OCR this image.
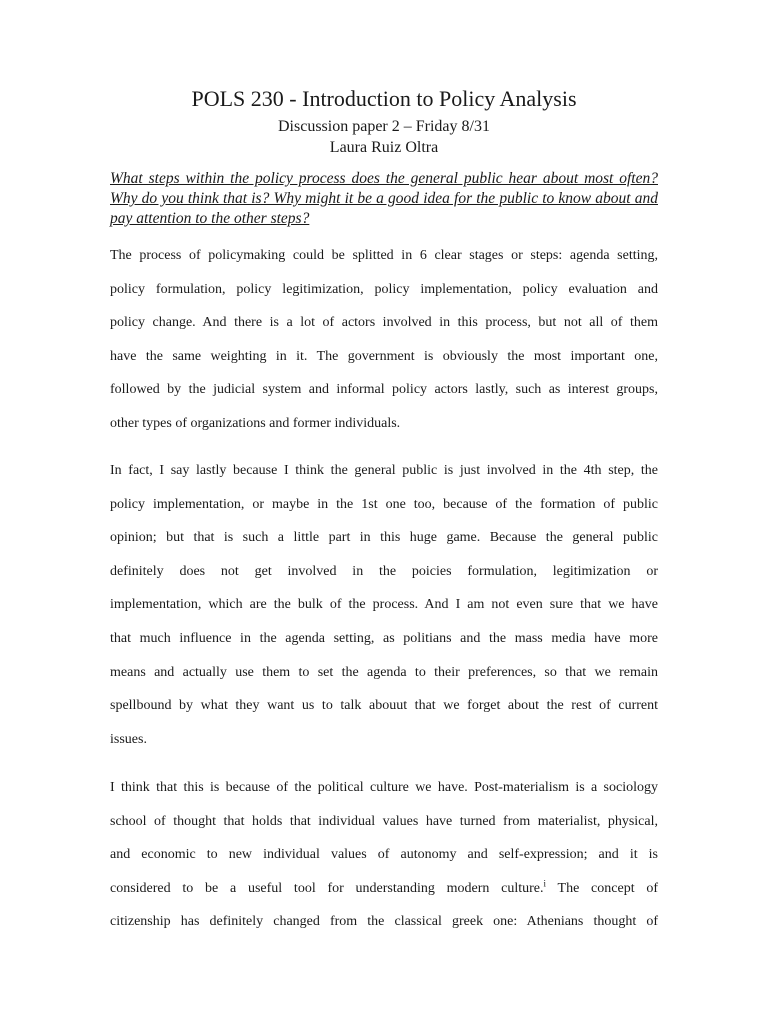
POLS 230 - Introduction to Policy Analysis

Discussion paper 2 – Friday 8/31

Laura Ruiz Oltra

What steps within the policy process does the general public hear about most often? Why do you think that is? Why might it be a good idea for the public to know about and pay attention to the other steps?

The process of policymaking could be splitted in 6 clear stages or steps: agenda setting,
policy formulation, policy legitimization, policy implementation, policy evaluation and
policy change. And there is a lot of actors involved in this process, but not all of them
have the same weighting in it. The government is obviously the most important one,
followed by the judicial system and informal policy actors lastly, such as interest groups,
other types of organizations and former individuals.
In fact, I say lastly because I think the general public is just involved in the 4th step, the
policy implementation, or maybe in the 1st one too, because of the formation of public
opinion; but that is such a little part in this huge game. Because the general public
definitely does not get involved in the poicies formulation, legitimization or
implementation, which are the bulk of the process. And I am not even sure that we have
that much influence in the agenda setting, as politians and the mass media have more
means and actually use them to set the agenda to their preferences, so that we remain
spellbound by what they want us to talk abouut that we forget about the rest of current
issues.
I think that this is because of the political culture we have. Post-materialism is a sociology
school of thought that holds that individual values have turned from materialist, physical,
and economic to new individual values of autonomy and self-expression; and it is
considered to be a useful tool for understanding modern culture.$^i$ The concept of
citizenship has definitely changed from the classical greek one: Athenians thought of
